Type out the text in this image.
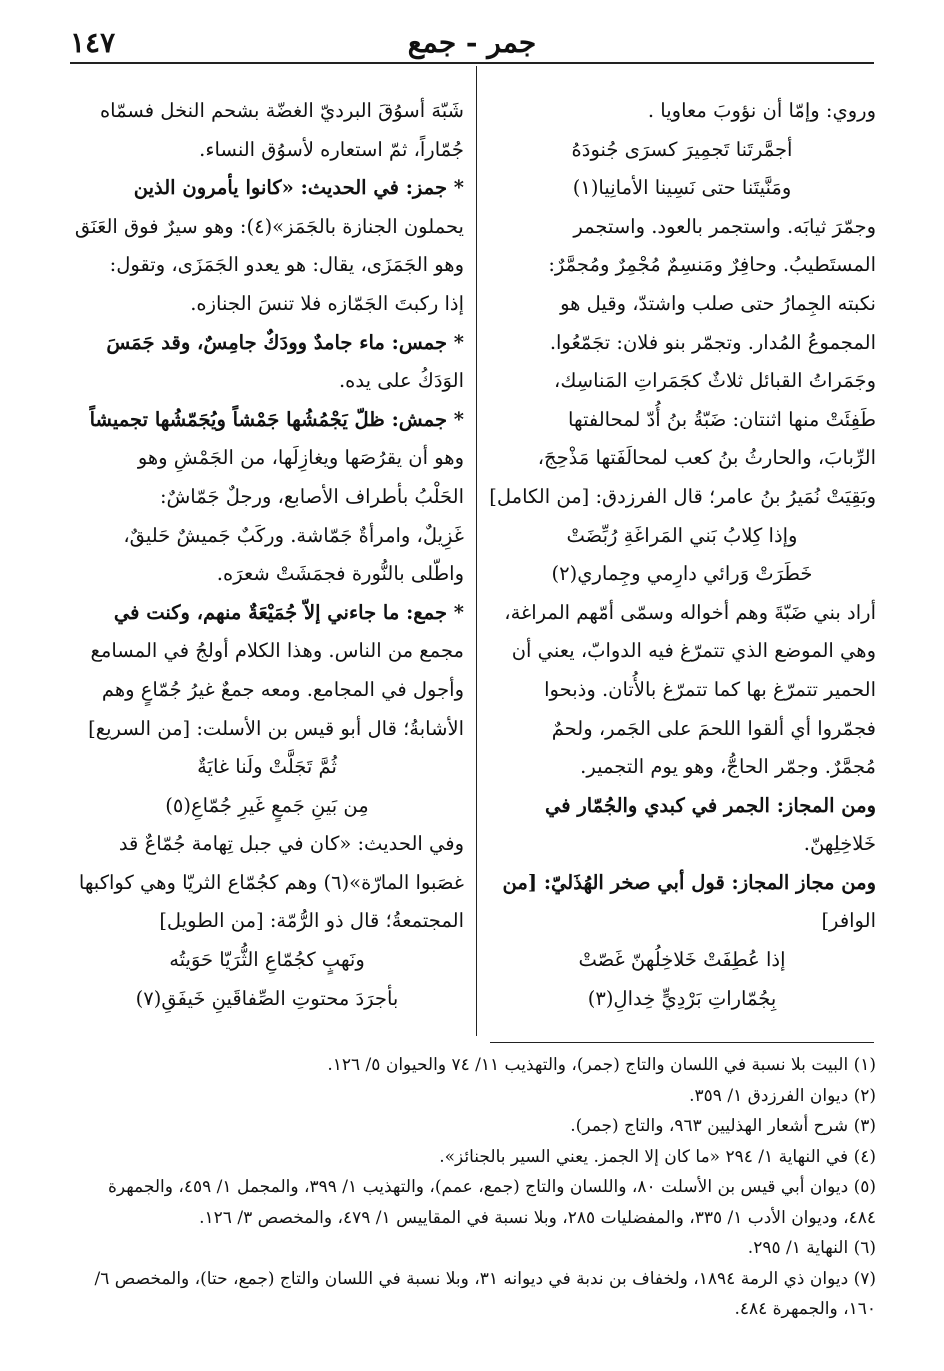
جمر - جمع
١٤٧

وروي: وإمّا أن نؤوبَ معاويا .

أجمَّرتَنا تَجمِيرَ كسرَى جُنودَهُ

ومَنَّيتَنا حتى نَسِينا الأمانِيا(١)

وجمّرَ ثيابَه. واستجمر بالعود. واستجمر

المستَطيبُ. وحافِرٌ ومَنسِمٌ مُجْمِرٌ ومُجمَّرٌ:

نكبته الجِمارُ حتى صلب واشتدّ، وقيل هو

المجموعُ المُدار. وتجمّر بنو فلان: تجَمّعُوا.

وجَمَراتُ القبائل ثلاثٌ كجَمَراتِ المَناسِك،

طَفِئَتْ منها اثنتان: ضَبّةُ بنُ أُدّ لمحالفتها

الرِّبابَ، والحارثُ بنُ كعب لمحالَفَتها مَذْحِجَ،

وبَقِيَتْ نُمَيرُ بنُ عامر؛ قال الفرزدق: [من الكامل]

وإذا كِلابُ بَني المَراغَةِ رُبِّضَتْ

خَطَرَتْ وَرائي دارِمي وجِماري(٢)

أراد بني ضَبّةَ وهم أخواله وسمّى أمّهم المراغة،

وهي الموضع الذي تتمرّغ فيه الدوابّ، يعني أن

الحمير تتمرّغ بها كما تتمرّغ بالأُتان. وذبحوا

فجمّروا أي ألقوا اللحمَ على الجَمر، ولحمٌ

مُجمَّرٌ. وجمّر الحاجُّ، وهو يوم التجمير.

ومن المجاز: الجمر في كبدي والجُمّار في

خَلاخِلِهنّ.

ومن مجاز المجاز: قول أبي صخر الهُذَليّ: [من

الوافر]

إذا عُطِفَتْ خَلاخِلُهنّ غَصّتْ

بِجُمّاراتِ بَرْدِيٍّ خِدالِ(٣)

شَبّهَ أسوُقَ البرديّ الغضّة بشحم النخل فسمّاه

جُمّاراً، ثمّ استعاره لأسوُق النساء.

* جمز: في الحديث: «كانوا يأمرون الذين

يحملون الجنازة بالجَمَز»(٤): وهو سيرٌ فوق العَنَق

وهو الجَمَزَى، يقال: هو يعدو الجَمَزَى، وتقول:

إذا ركبتَ الجَمّازه فلا تنسَ الجنازه.

* جمس: ماء جامدٌ وودَكٌ جامِسٌ، وقد جَمَسَ

الوَدَكُ على يده.

* جمش: ظلّ يَجْمُشُها جَمْشاً ويُجَمّشُها تجميشاً

وهو أن يقرُصَها ويغازِلَها، من الجَمْشِ وهو

الحَلْبُ بأطراف الأصابع، ورجلٌ جَمّاشٌ:

غَزِيلٌ، وامرأةٌ جَمّاشة. وركَبٌ جَميشٌ حَليقٌ،

واطّلى بالنُّورة فجمَشَتْ شعرَه.

* جمع: ما جاءني إلاّ جُمَيْعَةٌ منهم، وكنت في

مجمع من الناس. وهذا الكلام أولجُ في المسامع

وأجول في المجامع. ومعه جمعٌ غيرُ جُمّاعٍ وهم

الأشابةُ؛ قال أبو قيس بن الأسلت: [من السريع]

ثُمَّ تَجَلَّتْ ولَنا غايَةٌ

مِن بَينِ جَمعٍ غَيرِ جُمّاعِ(٥)

وفي الحديث: «كان في جبل تِهامة جُمّاعٌ قد

غصَبوا المارّة»(٦) وهم كجُمّاع الثريّا وهي كواكبها

المجتمعةُ؛ قال ذو الرُّمّة: [من الطويل]

ونَهبٍ كجُمّاعِ الثُّرَيّا حَوَيتُه

بأجرَدَ محتوتِ الصِّفاقَينِ خَيفَقِ(٧)

(١) البيت بلا نسبة في اللسان والتاج (جمر)، والتهذيب ١١/ ٧٤ والحيوان ٥/ ١٢٦.

(٢) ديوان الفرزدق ١/ ٣٥٩.

(٣) شرح أشعار الهذليين ٩٦٣، والتاج (جمر).

(٤) في النهاية ١/ ٢٩٤ «ما كان إلا الجمز. يعني السير بالجنائز».

(٥) ديوان أبي قيس بن الأسلت ٨٠، واللسان والتاج (جمع، عمم)، والتهذيب ١/ ٣٩٩، والمجمل ١/ ٤٥٩، والجمهرة

٤٨٤، وديوان الأدب ١/ ٣٣٥، والمفضليات ٢٨٥، وبلا نسبة في المقاييس ١/ ٤٧٩، والمخصص ٣/ ١٢٦.

(٦) النهاية ١/ ٢٩٥.

(٧) ديوان ذي الرمة ١٨٩٤، ولخفاف بن ندبة في ديوانه ٣١، وبلا نسبة في اللسان والتاج (جمع، حتا)، والمخصص ٦/

١٦٠، والجمهرة ٤٨٤.
